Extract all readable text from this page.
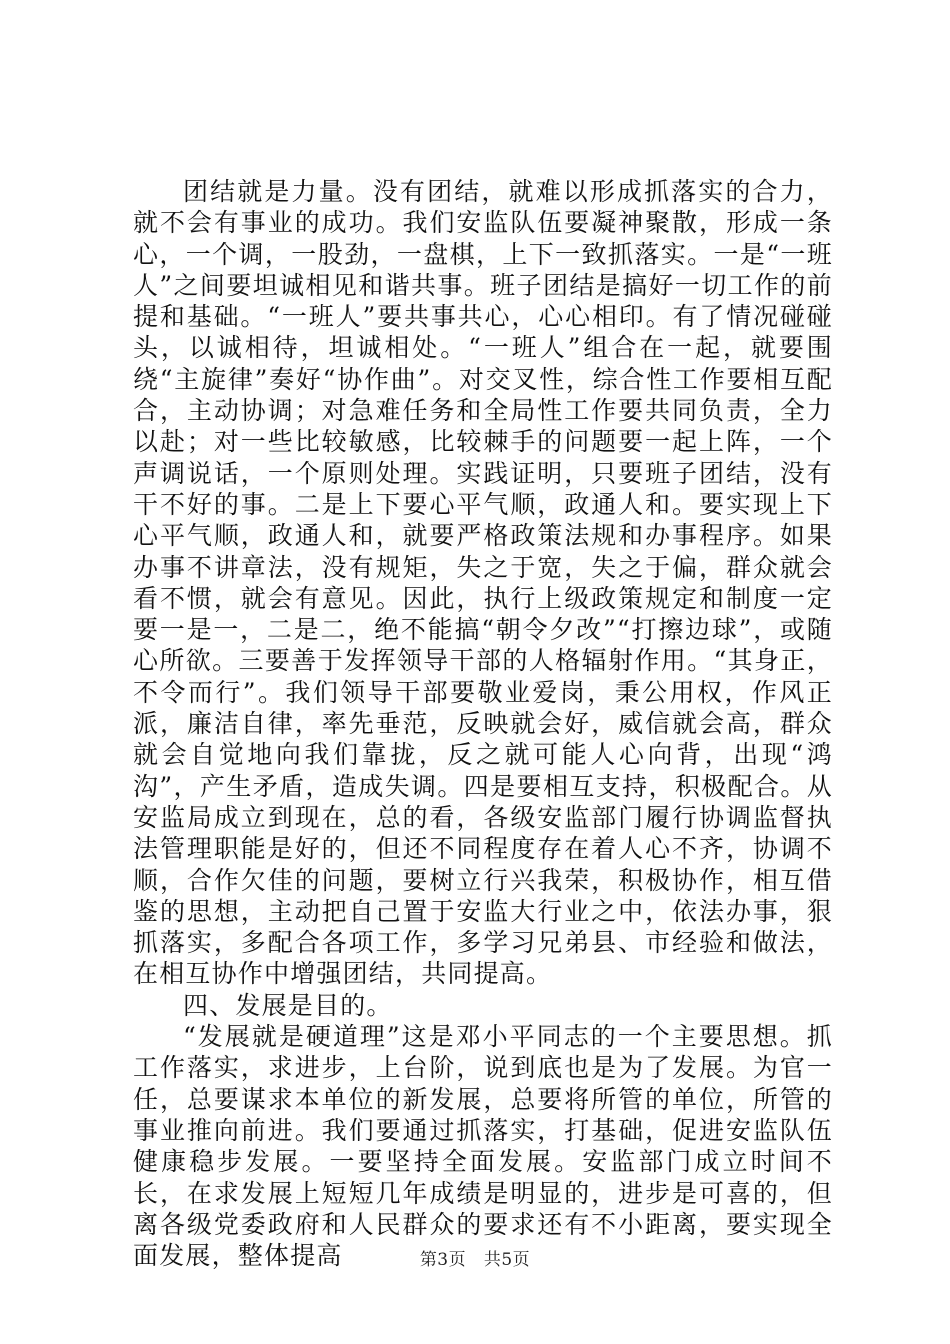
团结就是力量。没有团结，就难以形成抓落实的合力，就不会有事业的成功。我们安监队伍要凝神聚散，形成一条心，一个调，一股劲，一盘棋，上下一致抓落实。一是“一班人”之间要坦诚相见和谐共事。班子团结是搞好一切工作的前提和基础。“一班人”要共事共心，心心相印。有了情况碰碰头，以诚相待，坦诚相处。“一班人”组合在一起，就要围绕“主旋律”奏好“协作曲”。对交叉性，综合性工作要相互配合，主动协调；对急难任务和全局性工作要共同负责，全力以赴；对一些比较敏感，比较棘手的问题要一起上阵，一个声调说话，一个原则处理。实践证明，只要班子团结，没有干不好的事。二是上下要心平气顺，政通人和。要实现上下心平气顺，政通人和，就要严格政策法规和办事程序。如果办事不讲章法，没有规矩，失之于宽，失之于偏，群众就会看不惯，就会有意见。因此，执行上级政策规定和制度一定要一是一，二是二，绝不能搞“朝令夕改”“打擦边球”，或随心所欲。三要善于发挥领导干部的人格辐射作用。“其身正，不令而行”。我们领导干部要敬业爱岗，秉公用权，作风正派，廉洁自律，率先垂范，反映就会好，威信就会高，群众就会自觉地向我们靠拢，反之就可能人心向背，出现“鸿沟”，产生矛盾，造成失调。四是要相互支持，积极配合。从安监局成立到现在，总的看，各级安监部门履行协调监督执法管理职能是好的，但还不同程度存在着人心不齐，协调不顺，合作欠佳的问题，要树立行兴我荣，积极协作，相互借鉴的思想，主动把自己置于安监大行业之中，依法办事，狠抓落实，多配合各项工作，多学习兄弟县、市经验和做法，在相互协作中增强团结，共同提高。

四、发展是目的。

“发展就是硬道理”这是邓小平同志的一个主要思想。抓工作落实，求进步，上台阶，说到底也是为了发展。为官一任，总要谋求本单位的新发展，总要将所管的单位，所管的事业推向前进。我们要通过抓落实，打基础，促进安监队伍健康稳步发展。一要坚持全面发展。安监部门成立时间不长，在求发展上短短几年成绩是明显的，进步是可喜的，但离各级党委政府和人民群众的要求还有不小距离，要实现全面发展，整体提高	第3页 共5页
